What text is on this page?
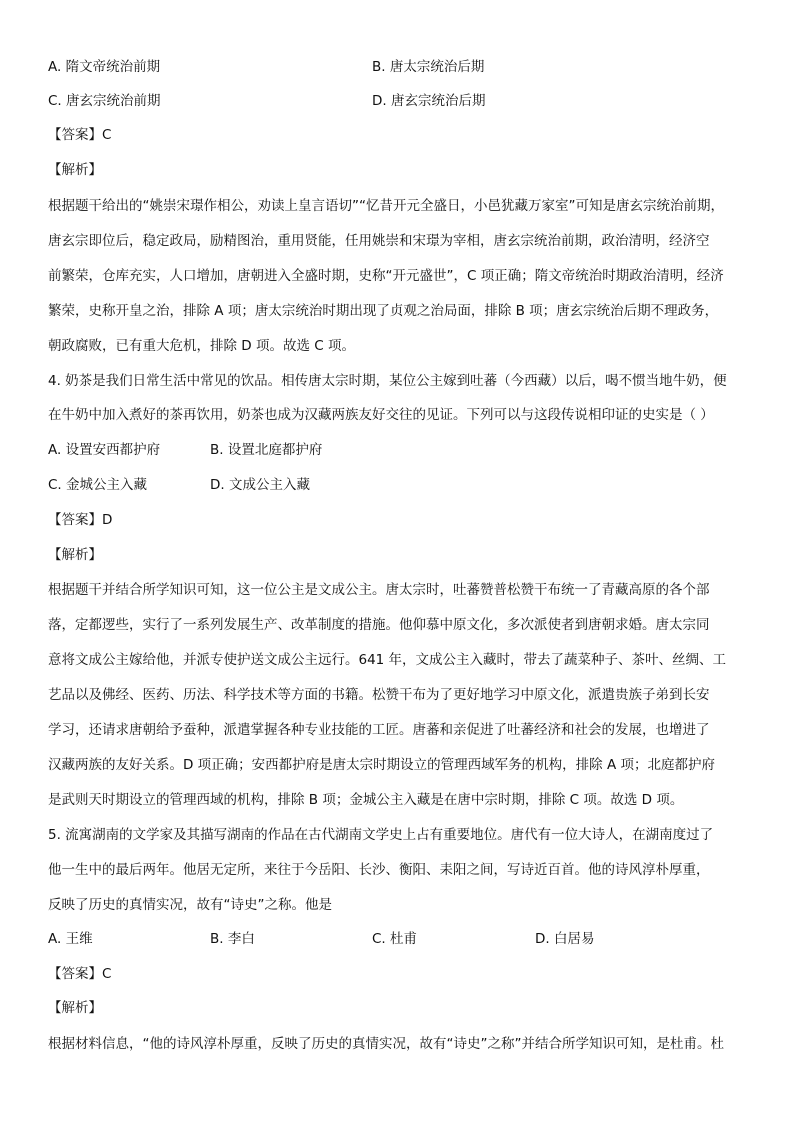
A. 隋文帝统治前期	B. 唐太宗统治后期
C. 唐玄宗统治前期	D. 唐玄宗统治后期
【答案】C
【解析】
根据题干给出的“姚崇宋璟作相公，劝读上皇言语切”“忆昔开元全盛日，小邑犹藏万家室”可知是唐玄宗统治前期，
唐玄宗即位后，稳定政局，励精图治，重用贤能，任用姚崇和宋璟为宰相，唐玄宗统治前期，政治清明，经济空
前繁荣，仓库充实，人口增加，唐朝进入全盛时期，史称“开元盛世”，C 项正确；隋文帝统治时期政治清明，经济
繁荣，史称开皇之治，排除 A 项；唐太宗统治时期出现了贞观之治局面，排除 B 项；唐玄宗统治后期不理政务，
朝政腐败，已有重大危机，排除 D 项。故选 C 项。
4. 奶茶是我们日常生活中常见的饮品。相传唐太宗时期，某位公主嫁到吐蕃（今西藏）以后，喝不惯当地牛奶，便
在牛奶中加入煮好的茶再饮用，奶茶也成为汉藏两族友好交往的见证。下列可以与这段传说相印证的史实是（ ）
A. 设置安西都护府	B. 设置北庭都护府
C. 金城公主入藏	D. 文成公主入藏
【答案】D
【解析】
根据题干并结合所学知识可知，这一位公主是文成公主。唐太宗时，吐蕃赞普松赞干布统一了青藏高原的各个部
落，定都逻些，实行了一系列发展生产、改革制度的措施。他仰慕中原文化，多次派使者到唐朝求婚。唐太宗同
意将文成公主嫁给他，并派专使护送文成公主远行。641 年，文成公主入藏时，带去了蔬菜种子、茶叶、丝绸、工
艺品以及佛经、医药、历法、科学技术等方面的书籍。松赞干布为了更好地学习中原文化，派遣贵族子弟到长安
学习，还请求唐朝给予蚕种，派遣掌握各种专业技能的工匠。唐蕃和亲促进了吐蕃经济和社会的发展，也增进了
汉藏两族的友好关系。D 项正确；安西都护府是唐太宗时期设立的管理西域军务的机构，排除 A 项；北庭都护府
是武则天时期设立的管理西域的机构，排除 B 项；金城公主入藏是在唐中宗时期，排除 C 项。故选 D 项。
5. 流寓湖南的文学家及其描写湖南的作品在古代湖南文学史上占有重要地位。唐代有一位大诗人，在湖南度过了
他一生中的最后两年。他居无定所，来往于今岳阳、长沙、衡阳、耒阳之间，写诗近百首。他的诗风淳朴厚重，
反映了历史的真情实况，故有“诗史”之称。他是
A. 王维	B. 李白	C. 杜甫	D. 白居易
【答案】C
【解析】
根据材料信息，“他的诗风淳朴厚重，反映了历史的真情实况，故有“诗史”之称”并结合所学知识可知，是杜甫。杜
